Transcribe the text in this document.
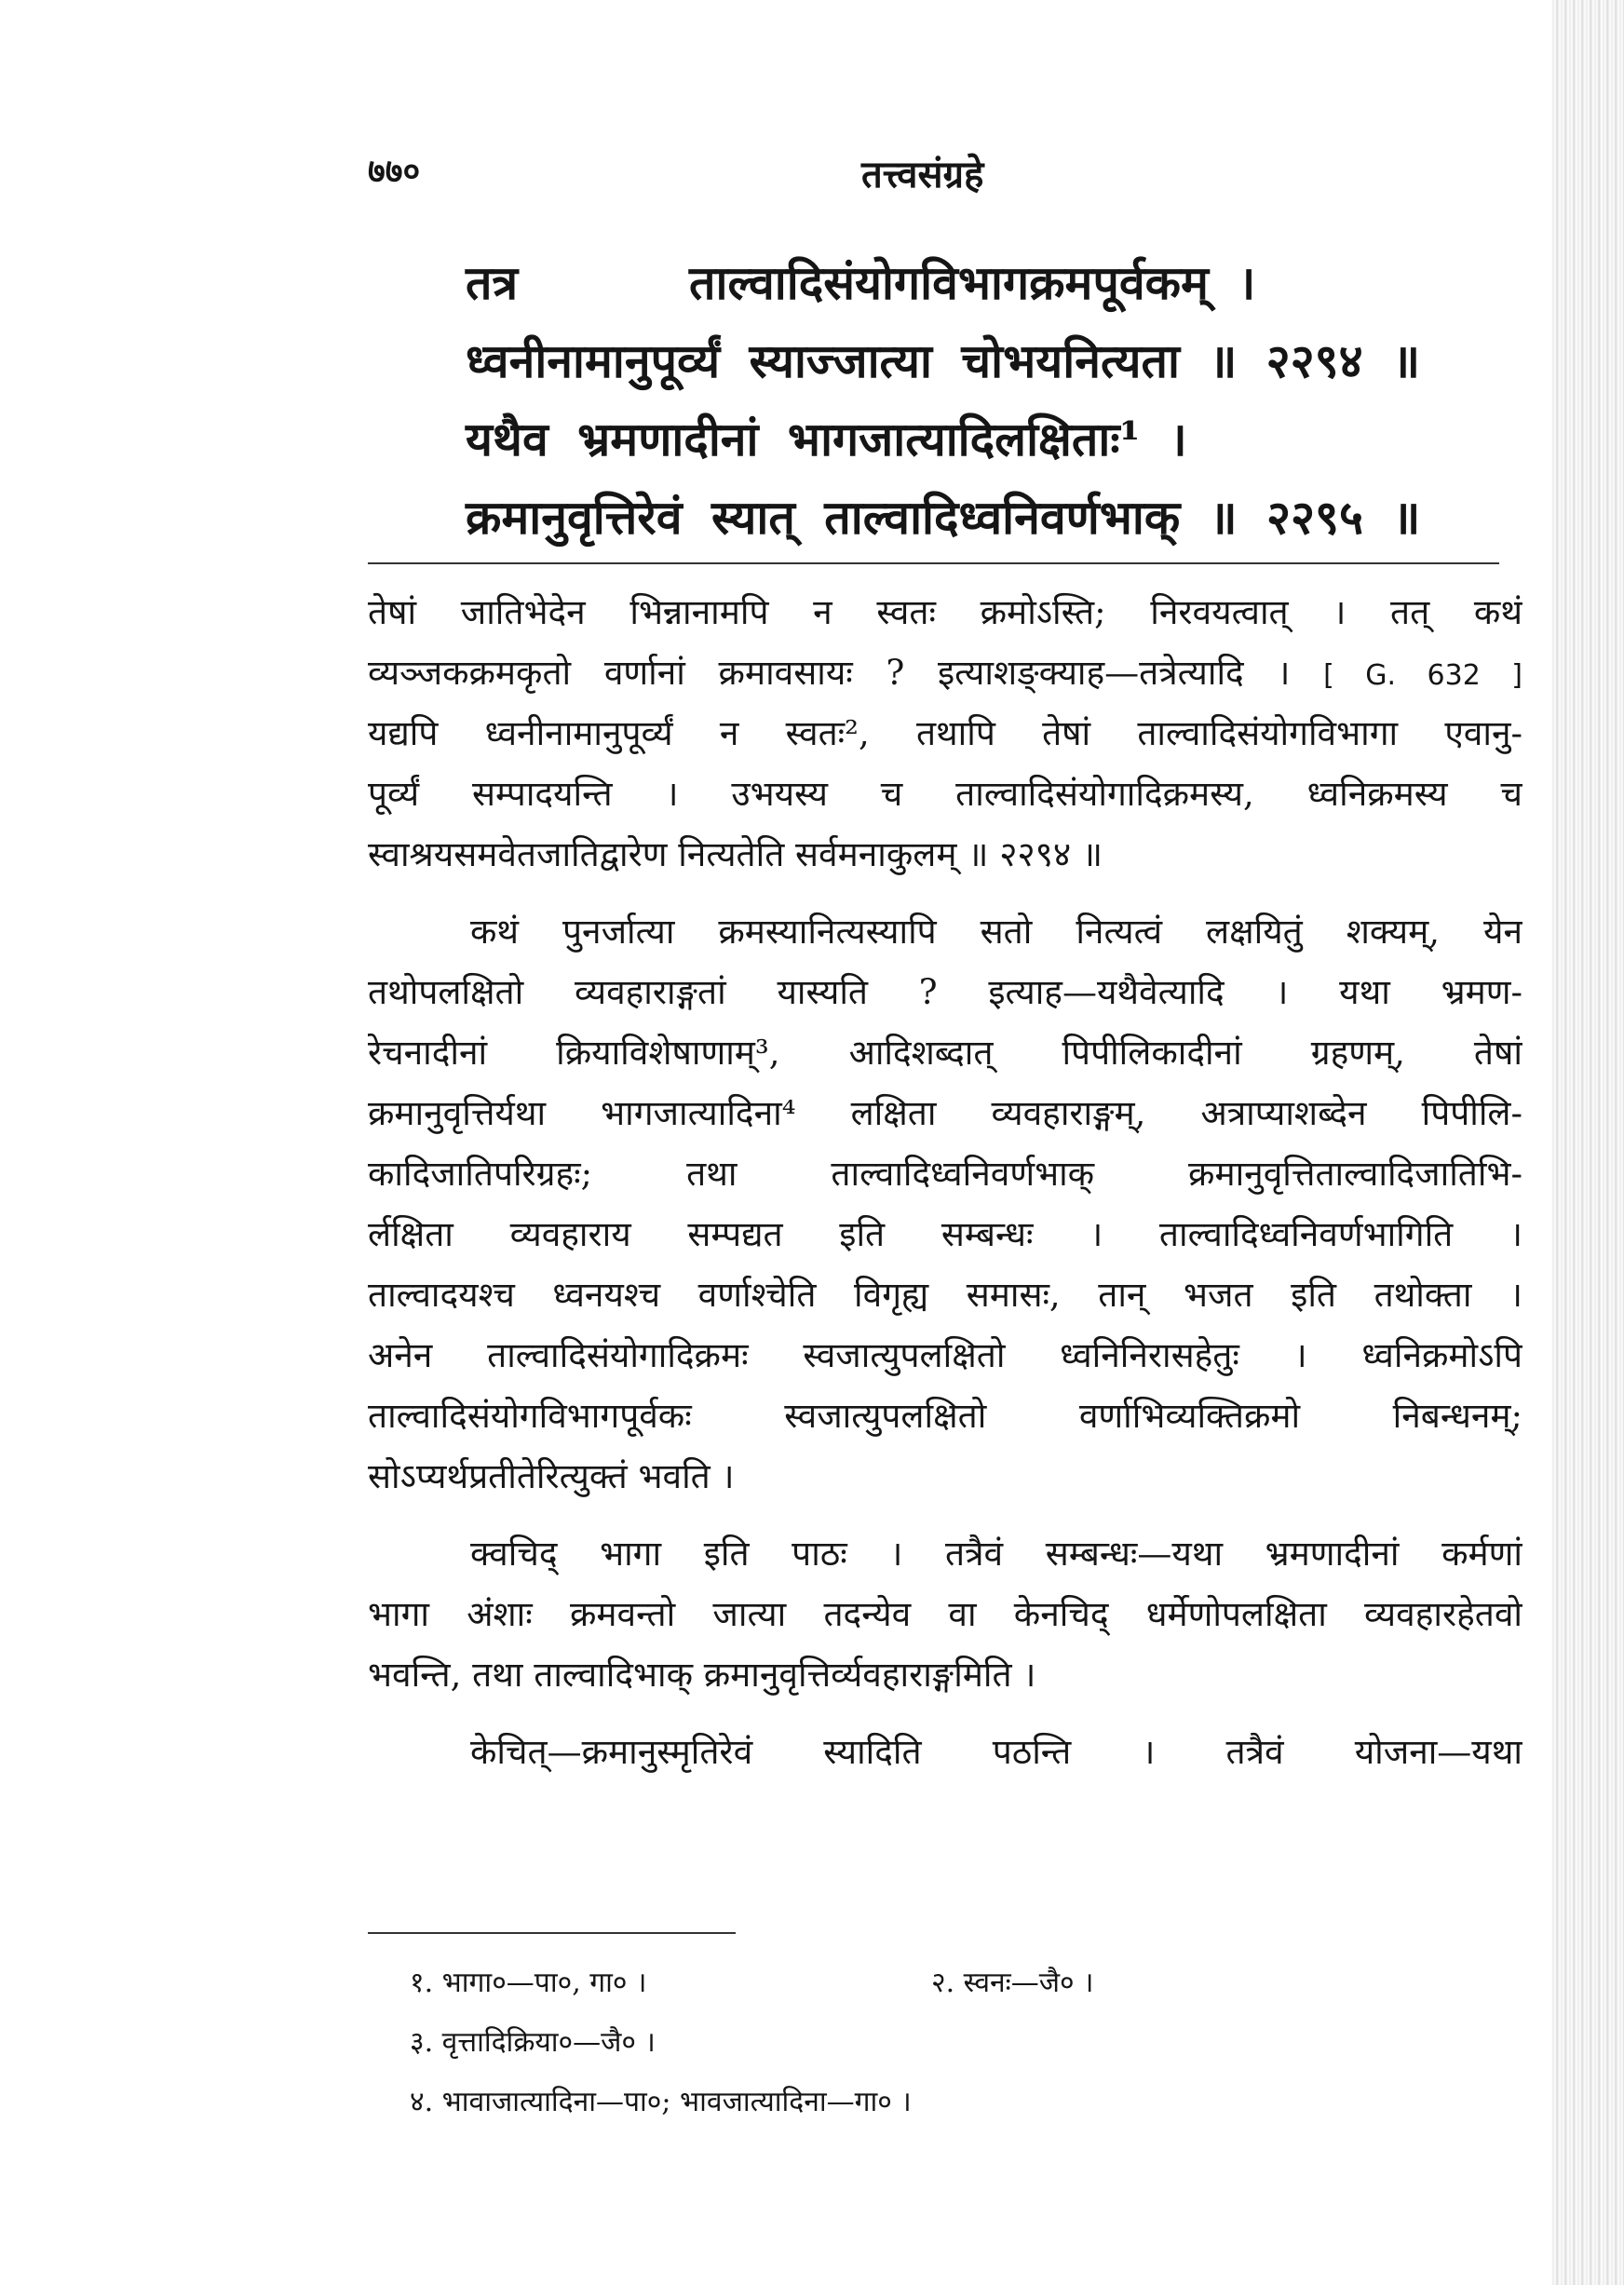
७७०	तत्त्वसंग्रहे
तत्र	ताल्वादिसंयोगविभागक्रमपूर्वकम् ।
ध्वनीनामानुपूर्व्यं स्याज्जात्या चोभयनित्यता ॥ २२९४ ॥
यथैव भ्रमणादीनां भागजात्यादिलक्षिताः¹ ।
क्रमानुवृत्तिरेवं स्यात् ताल्वादिध्वनिवर्णभाक् ॥ २२९५ ॥
तेषां जातिभेदेन भिन्नानामपि न स्वतः क्रमोऽस्ति; निरवयत्वात् । तत् कथं
व्यञ्जकक्रमकृतो वर्णानां क्रमावसायः ? इत्याशङ्क्याह—तत्रेत्यादि । [ G. 632 ]
यद्यपि ध्वनीनामानुपूर्व्यं न स्वतः², तथापि तेषां ताल्वादिसंयोगविभागा एवानु-
पूर्व्यं सम्पादयन्ति । उभयस्य च ताल्वादिसंयोगादिक्रमस्य, ध्वनिक्रमस्य च
स्वाश्रयसमवेतजातिद्वारेण नित्यतेति सर्वमनाकुलम् ॥ २२९४ ॥
कथं पुनर्जात्या क्रमस्यानित्यस्यापि सतो नित्यत्वं लक्षयितुं शक्यम्, येन
तथोपलक्षितो व्यवहाराङ्गतां यास्यति ? इत्याह—यथैवेत्यादि । यथा भ्रमण-
रेचनादीनां क्रियाविशेषाणाम्³, आदिशब्दात् पिपीलिकादीनां ग्रहणम्, तेषां
क्रमानुवृत्तिर्यथा भागजात्यादिना⁴ लक्षिता व्यवहाराङ्गम्, अत्राप्याशब्देन पिपीलि-
कादिजातिपरिग्रहः; तथा ताल्वादिध्वनिवर्णभाक् क्रमानुवृत्तिताल्वादिजातिभि-
र्लक्षिता व्यवहाराय सम्पद्यत इति सम्बन्धः । ताल्वादिध्वनिवर्णभागिति ।
ताल्वादयश्च ध्वनयश्च वर्णाश्चेति विगृह्य समासः, तान् भजत इति तथोक्ता ।
अनेन ताल्वादिसंयोगादिक्रमः स्वजात्युपलक्षितो ध्वनिनिरासहेतुः । ध्वनिक्रमोऽपि
ताल्वादिसंयोगविभागपूर्वकः स्वजात्युपलक्षितो वर्णाभिव्यक्तिक्रमो निबन्धनम्;
सोऽप्यर्थप्रतीतेरित्युक्तं भवति ।
क्वचिद् भागा इति पाठः । तत्रैवं सम्बन्धः—यथा भ्रमणादीनां कर्मणां
भागा अंशाः क्रमवन्तो जात्या तदन्येव वा केनचिद् धर्मेणोपलक्षिता व्यवहारहेतवो
भवन्ति, तथा ताल्वादिभाक् क्रमानुवृत्तिर्व्यवहाराङ्गमिति ।
केचित्—क्रमानुस्मृतिरेवं स्यादिति पठन्ति । तत्रैवं योजना—यथा
१. भागा०—पा०, गा० ।	२. स्वनः—जै० ।
३. वृत्तादिक्रिया०—जै० ।
४. भावाजात्यादिना—पा०; भावजात्यादिना—गा० ।
